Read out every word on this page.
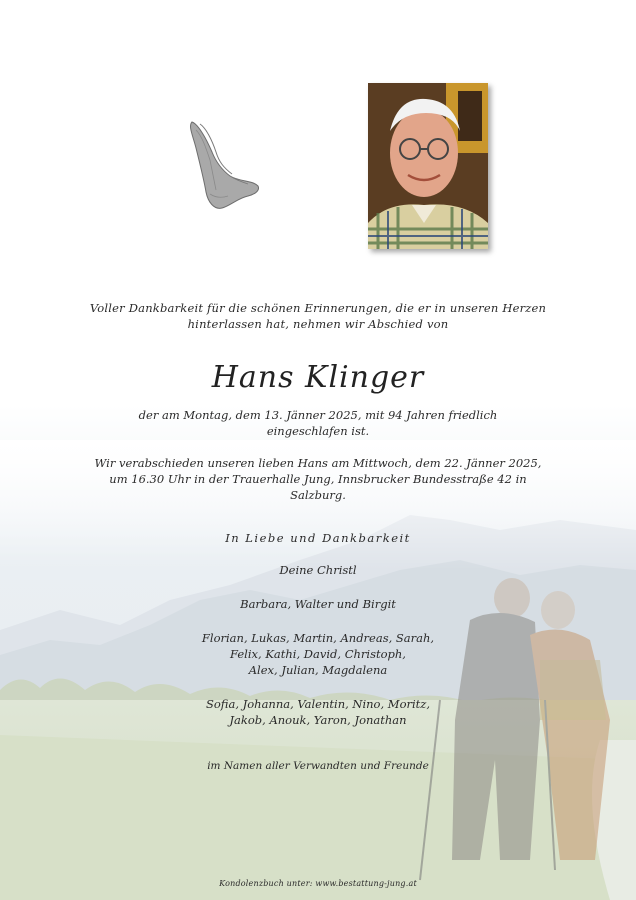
Voller Dankbarkeit für die schönen Erinnerungen, die er in unseren Herzen
hinterlassen hat, nehmen wir Abschied von
Hans Klinger
der am Montag, dem 13. Jänner 2025, mit 94 Jahren friedlich
eingeschlafen ist.
Wir verabschieden unseren lieben Hans am Mittwoch, dem 22. Jänner 2025,
um 16.30 Uhr in der Trauerhalle Jung, Innsbrucker Bundesstraße 42 in
Salzburg.
In Liebe und Dankbarkeit
Deine Christl
Barbara, Walter und Birgit
Florian, Lukas, Martin, Andreas, Sarah,
Felix, Kathi, David, Christoph,
Alex, Julian, Magdalena
Sofia, Johanna, Valentin, Nino, Moritz,
Jakob, Anouk, Yaron, Jonathan
im Namen aller Verwandten und Freunde
Kondolenzbuch unter: www.bestattung-jung.at
